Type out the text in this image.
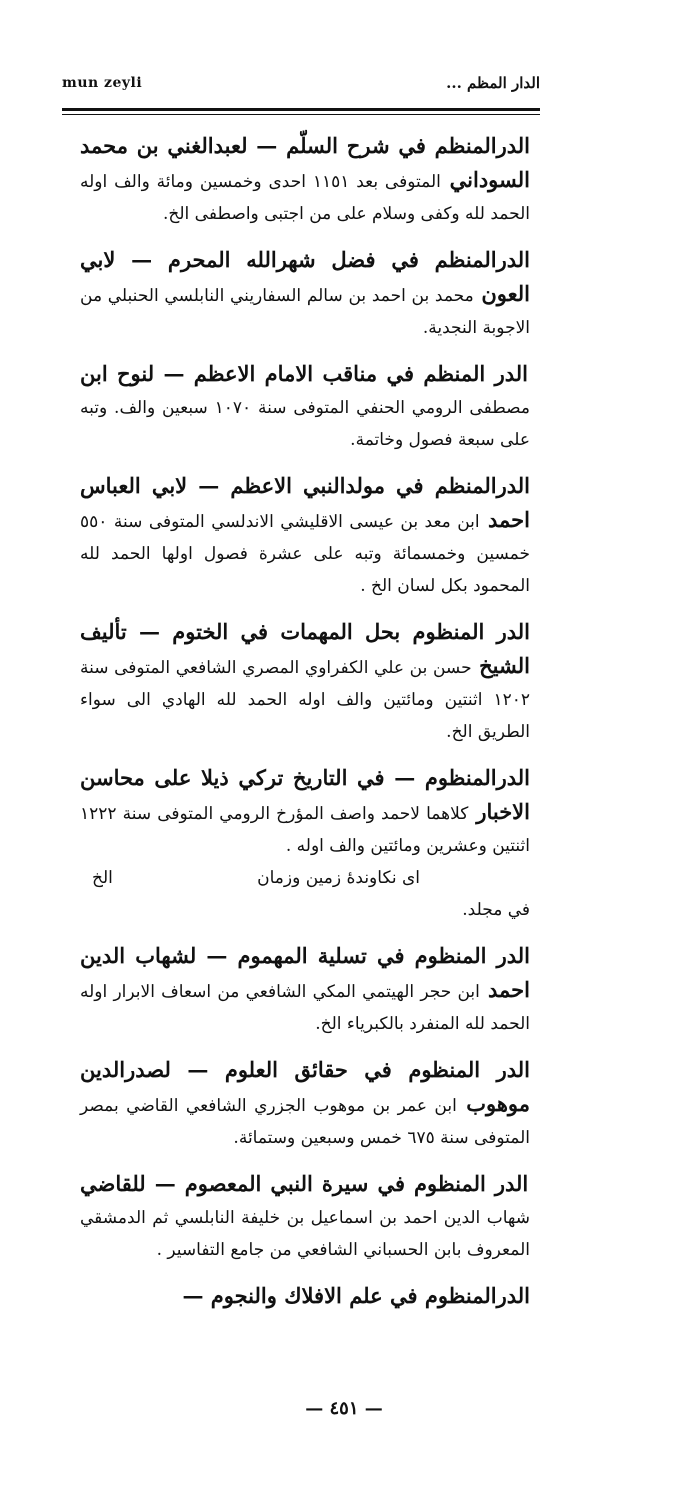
mun zeyli	الدار المظم ...
الدرالمنظم في شرح السلّم — لعبدالغني بن محمد السوداني المتوفى بعد ١١٥١ احدى وخمسين ومائة والف اوله الحمد لله وكفى وسلام على من اجتبى واصطفى الخ.
الدرالمنظم في فضل شهرالله المحرم — لابي العون محمد بن احمد بن سالم السفاريني النابلسي الحنبلي من الاجوبة النجدية.
الدر المنظم في مناقب الامام الاعظم — لنوح ابن مصطفى الرومي الحنفي المتوفى سنة ١٠٧٠ سبعين والف. وتبه على سبعة فصول وخاتمة.
الدرالمنظم في مولدالنبي الاعظم — لابي العباس احمد ابن معد بن عيسى الاقليشي الاندلسي المتوفى سنة ٥٥٠ خمسين وخمسمائة وتبه على عشرة فصول اولها الحمد لله المحمود بكل لسان الخ .
الدر المنظوم بحل المهمات في الختوم — تأليف الشيخ حسن بن علي الكفراوي المصري الشافعي المتوفى سنة ١٢٠٢ اثنتين ومائتين والف اوله الحمد لله الهادي الى سواء الطريق الخ.
الدرالمنظوم — في التاريخ تركي ذيلا على محاسن الاخبار كلاهما لاحمد واصف المؤرخ الرومي المتوفى سنة ١٢٢٢ اثنتين وعشرين ومائتين والف اوله .
اى نكاوندۀ زمين وزمان
الخ
في مجلد.
الدر المنظوم في تسلية المهموم — لشهاب الدين احمد ابن حجر الهيتمي المكي الشافعي من اسعاف الابرار اوله الحمد لله المنفرد بالكبرياء الخ.
الدر المنظوم في حقائق العلوم — لصدرالدين موهوب ابن عمر بن موهوب الجزري الشافعي القاضي بمصر المتوفى سنة ٦٧٥ خمس وسبعين وستمائة.
الدر المنظوم في سيرة النبي المعصوم — للقاضي شهاب الدين احمد بن اسماعيل بن خليفة النابلسي ثم الدمشقي المعروف بابن الحسباني الشافعي من جامع التفاسير .
الدرالمنظوم في علم الافلاك والنجوم —
— ٤٥١ —
